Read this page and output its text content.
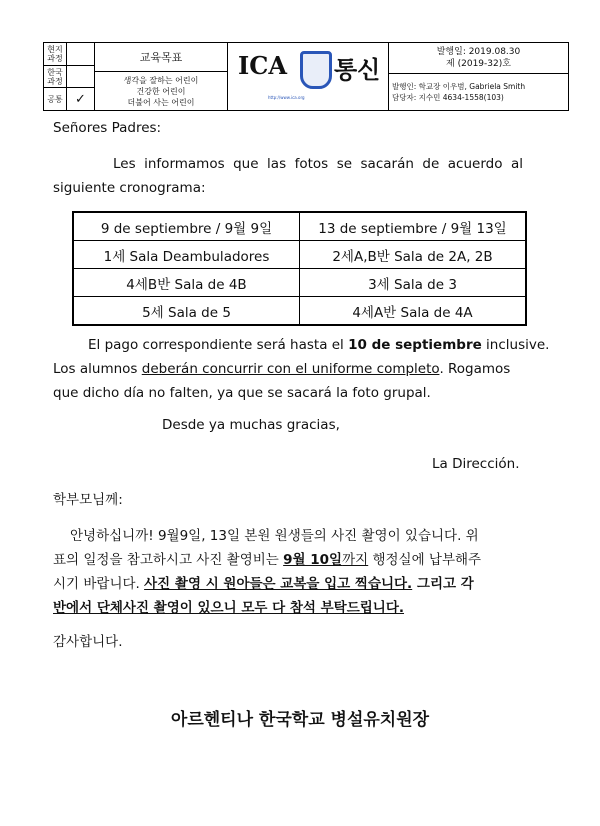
현지
과정
한국
과정
공통 ✓
교육목표
생각을 잘하는 어린이
건강한 어린이
더불어 사는 어린이
ICA 통신
http://www.ica.org
발행일: 2019.08.30
제 (2019-32)호
발행인: 학교장 이우범, Gabriela Smith
담당자: 지수민 4634-1558(103)
Señores Padres:
Les informamos que las fotos se sacarán de acuerdo al siguiente cronograma:
9 de septiembre / 9월 9일	13 de septiembre / 9월 13일
1세 Sala Deambuladores	2세A,B반 Sala de 2A, 2B
4세B반 Sala de 4B	3세 Sala de 3
5세 Sala de 5	4세A반 Sala de 4A
El pago correspondiente será hasta el 10 de septiembre inclusive.
Los alumnos deberán concurrir con el uniforme completo. Rogamos
que dicho día no falten, ya que se sacará la foto grupal.
Desde ya muchas gracias,
La Dirección.
학부모님께:
안녕하십니까! 9월9일, 13일 본원 원생들의 사진 촬영이 있습니다. 위
표의 일정을 참고하시고 사진 촬영비는 9월 10일까지 행정실에 납부해주
시기 바랍니다. 사진 촬영 시 원아들은 교복을 입고 찍습니다. 그리고 각
반에서 단체사진 촬영이 있으니 모두 다 참석 부탁드립니다.
감사합니다.
아르헨티나 한국학교 병설유치원장
